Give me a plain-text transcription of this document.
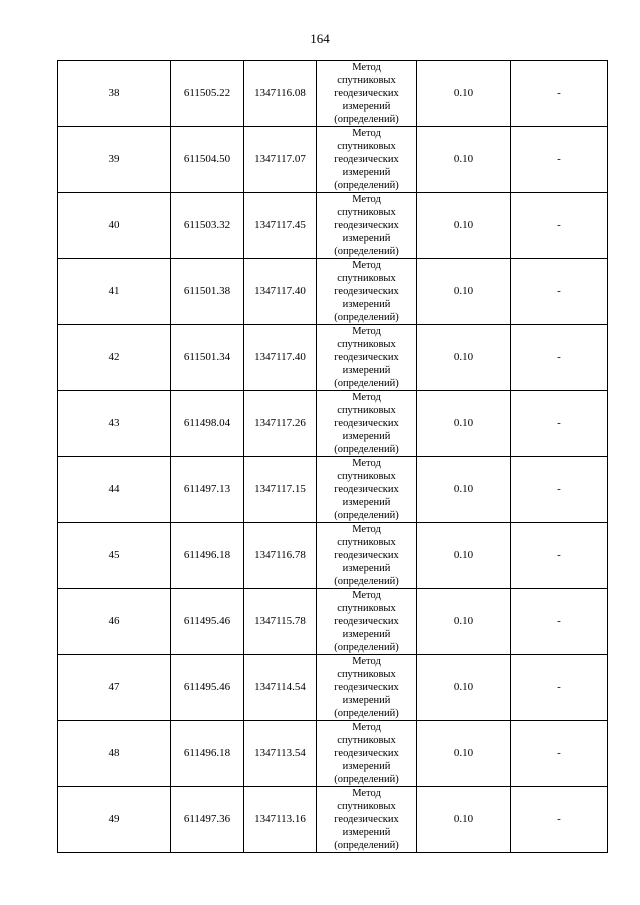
164
38	611505.22	1347116.08	Метод
спутниковых
геодезических
измерений
(определений)	0.10	-
39	611504.50	1347117.07	Метод
спутниковых
геодезических
измерений
(определений)	0.10	-
40	611503.32	1347117.45	Метод
спутниковых
геодезических
измерений
(определений)	0.10	-
41	611501.38	1347117.40	Метод
спутниковых
геодезических
измерений
(определений)	0.10	-
42	611501.34	1347117.40	Метод
спутниковых
геодезических
измерений
(определений)	0.10	-
43	611498.04	1347117.26	Метод
спутниковых
геодезических
измерений
(определений)	0.10	-
44	611497.13	1347117.15	Метод
спутниковых
геодезических
измерений
(определений)	0.10	-
45	611496.18	1347116.78	Метод
спутниковых
геодезических
измерений
(определений)	0.10	-
46	611495.46	1347115.78	Метод
спутниковых
геодезических
измерений
(определений)	0.10	-
47	611495.46	1347114.54	Метод
спутниковых
геодезических
измерений
(определений)	0.10	-
48	611496.18	1347113.54	Метод
спутниковых
геодезических
измерений
(определений)	0.10	-
49	611497.36	1347113.16	Метод
спутниковых
геодезических
измерений
(определений)	0.10	-
